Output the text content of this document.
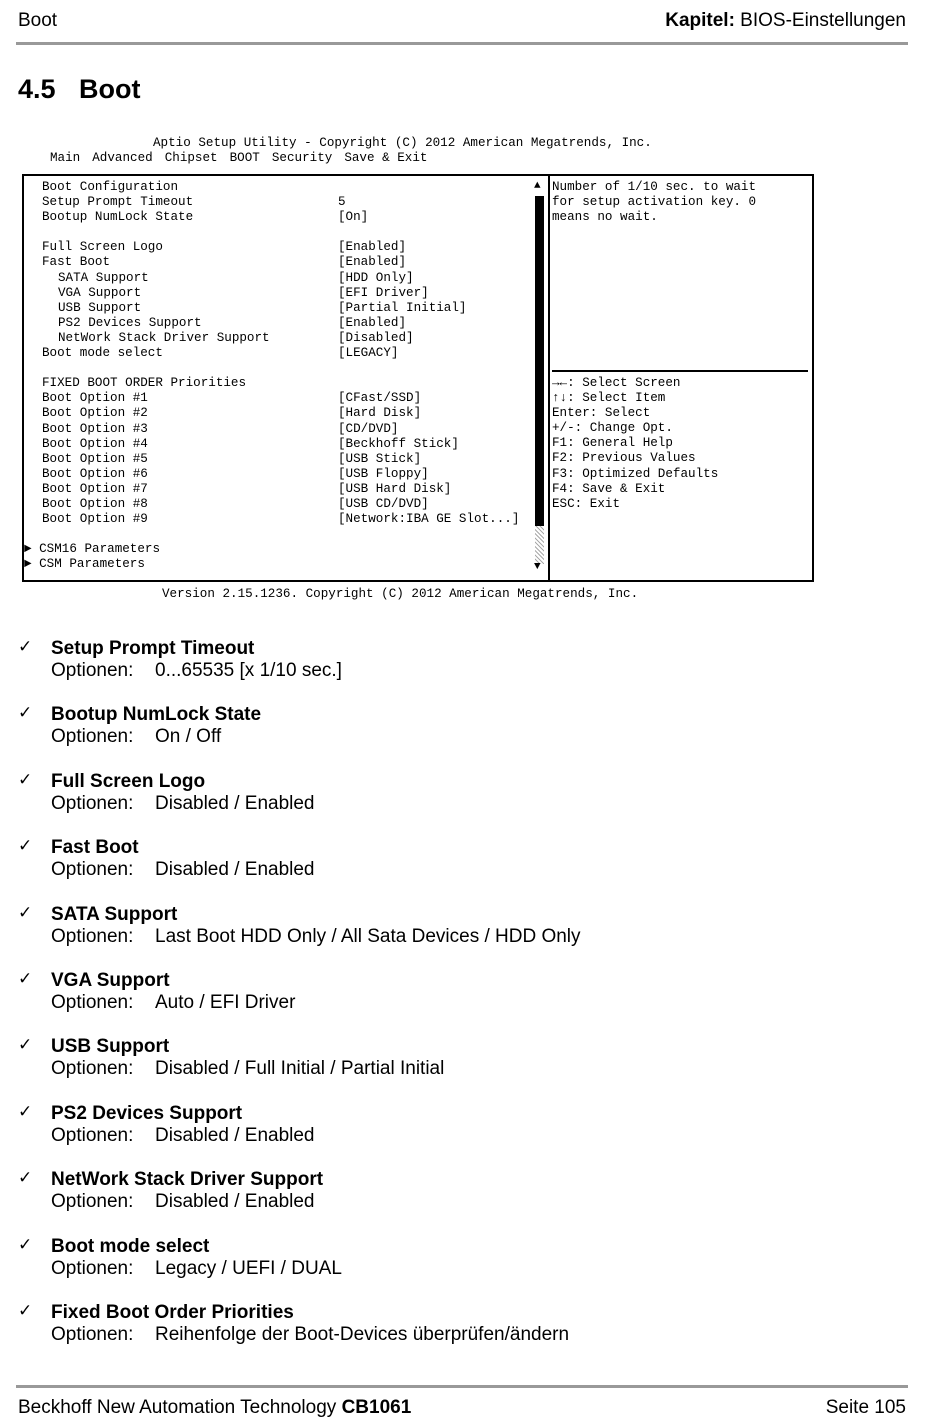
Boot	Kapitel: BIOS-Einstellungen
4.5 Boot
Aptio Setup Utility - Copyright (C) 2012 American Megatrends, Inc.
Main Advanced Chipset BOOT Security Save & Exit
Boot Configuration
Setup Prompt Timeout	5
Bootup NumLock State	[On]
Full Screen Logo	[Enabled]
Fast Boot	[Enabled]
SATA Support	[HDD Only]
VGA Support	[EFI Driver]
USB Support	[Partial Initial]
PS2 Devices Support	[Enabled]
NetWork Stack Driver Support	[Disabled]
Boot mode select	[LEGACY]
FIXED BOOT ORDER Priorities
Boot Option #1	[CFast/SSD]
Boot Option #2	[Hard Disk]
Boot Option #3	[CD/DVD]
Boot Option #4	[Beckhoff Stick]
Boot Option #5	[USB Stick]
Boot Option #6	[USB Floppy]
Boot Option #7	[USB Hard Disk]
Boot Option #8	[USB CD/DVD]
Boot Option #9	[Network:IBA GE Slot...]
► CSM16 Parameters
► CSM Parameters
▲
▼
Number of 1/10 sec. to wait
for setup activation key. 0
means no wait.
→←: Select Screen
↑↓: Select Item
Enter: Select
+/-: Change Opt.
F1: General Help
F2: Previous Values
F3: Optimized Defaults
F4: Save & Exit
ESC: Exit
Version 2.15.1236. Copyright (C) 2012 American Megatrends, Inc.
✓ Setup Prompt Timeout
Optionen: 0...65535 [x 1/10 sec.]
✓ Bootup NumLock State
Optionen: On / Off
✓ Full Screen Logo
Optionen: Disabled / Enabled
✓ Fast Boot
Optionen: Disabled / Enabled
✓ SATA Support
Optionen: Last Boot HDD Only / All Sata Devices / HDD Only
✓ VGA Support
Optionen: Auto / EFI Driver
✓ USB Support
Optionen: Disabled / Full Initial / Partial Initial
✓ PS2 Devices Support
Optionen: Disabled / Enabled
✓ NetWork Stack Driver Support
Optionen: Disabled / Enabled
✓ Boot mode select
Optionen: Legacy / UEFI / DUAL
✓ Fixed Boot Order Priorities
Optionen: Reihenfolge der Boot-Devices überprüfen/ändern
Beckhoff New Automation Technology CB1061	Seite 105
